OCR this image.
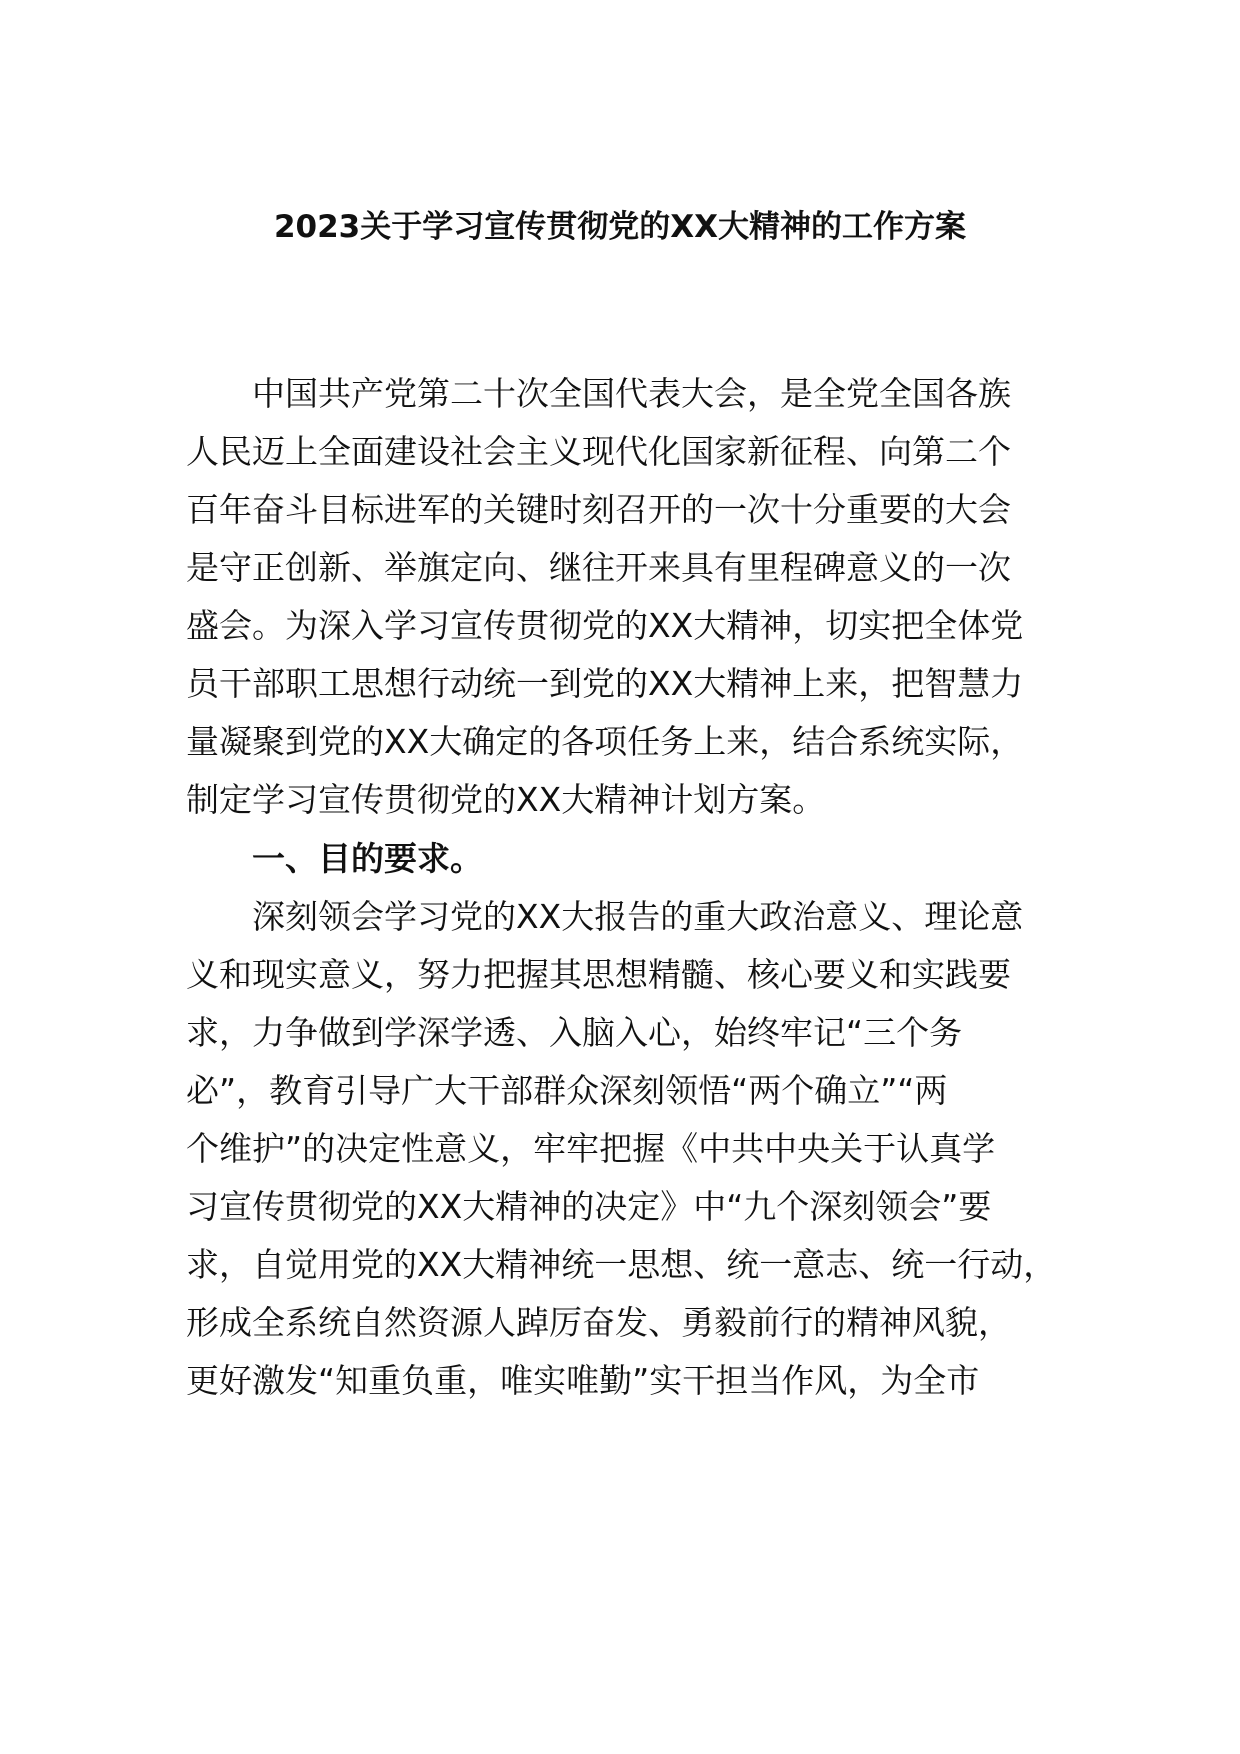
2023关于学习宣传贯彻党的XX大精神的工作方案
中国共产党第二十次全国代表大会，是全党全国各族
人民迈上全面建设社会主义现代化国家新征程、向第二个
百年奋斗目标进军的关键时刻召开的一次十分重要的大会
是守正创新、举旗定向、继往开来具有里程碑意义的一次
盛会。为深入学习宣传贯彻党的XX大精神，切实把全体党
员干部职工思想行动统一到党的XX大精神上来，把智慧力
量凝聚到党的XX大确定的各项任务上来，结合系统实际，
制定学习宣传贯彻党的XX大精神计划方案。
一、目的要求。
深刻领会学习党的XX大报告的重大政治意义、理论意
义和现实意义，努力把握其思想精髓、核心要义和实践要
求，力争做到学深学透、入脑入心，始终牢记“三个务
必”，教育引导广大干部群众深刻领悟“两个确立”“两
个维护”的决定性意义，牢牢把握《中共中央关于认真学
习宣传贯彻党的XX大精神的决定》中“九个深刻领会”要
求，自觉用党的XX大精神统一思想、统一意志、统一行动，
形成全系统自然资源人踔厉奋发、勇毅前行的精神风貌，
更好激发“知重负重，唯实唯勤”实干担当作风，为全市
